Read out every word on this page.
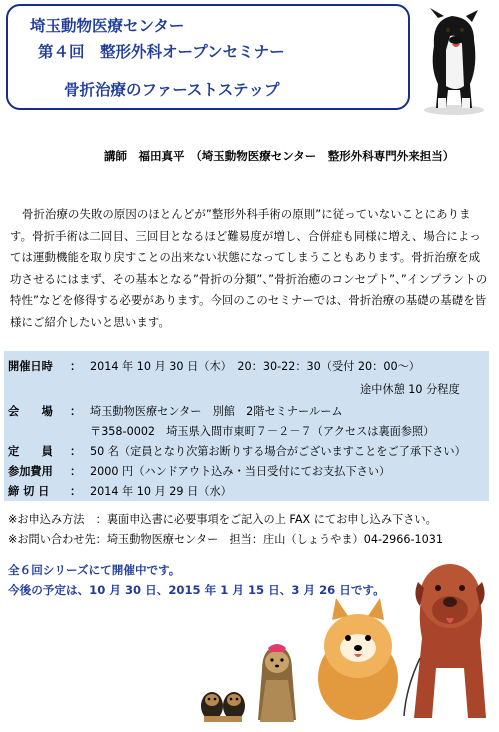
埼玉動物医療センター
第４回　整形外科オープンセミナー
骨折治療のファーストステップ
講師　福田真平　（埼玉動物医療センター　整形外科専門外来担当）
骨折治療の失敗の原因のほとんどが”整形外科手術の原則”に従っていないことにあります。骨折手術は二回目、三回目となるほど難易度が増し、合併症も同様に増え、場合によっては運動機能を取り戻すことの出来ない状態になってしまうこともあります。骨折治療を成功させるにはまず、その基本となる”骨折の分類”、”骨折治癒のコンセプト”、”インプラントの特性”などを修得する必要があります。今回のこのセミナーでは、骨折治療の基礎の基礎を皆様にご紹介したいと思います。
開催日時 ： 2014 年 10 月 30 日（木）　20：30-22：30（受付 20：00～）
途中休憩 10 分程度
会　　場 ： 埼玉動物医療センター　別館　2階セミナールーム
〒358-0002　埼玉県入間市東町７－２－７（アクセスは裏面参照）
定　　員 ： 50 名（定員となり次第お断りする場合がございますことをご了承下さい）
参加費用 ： 2000 円（ハンドアウト込み・当日受付にてお支払下さい）
締 切 日 ： 2014 年 10 月 29 日（水）
※お申込み方法　：裏面申込書に必要事項をご記入の上 FAX にてお申し込み下さい。
※お問い合わせ先：埼玉動物医療センター　担当：庄山（しょうやま）04-2966-1031
全６回シリーズにて開催中です。
今後の予定は、10 月 30 日、2015 年 1 月 15 日、3 月 26 日です。
